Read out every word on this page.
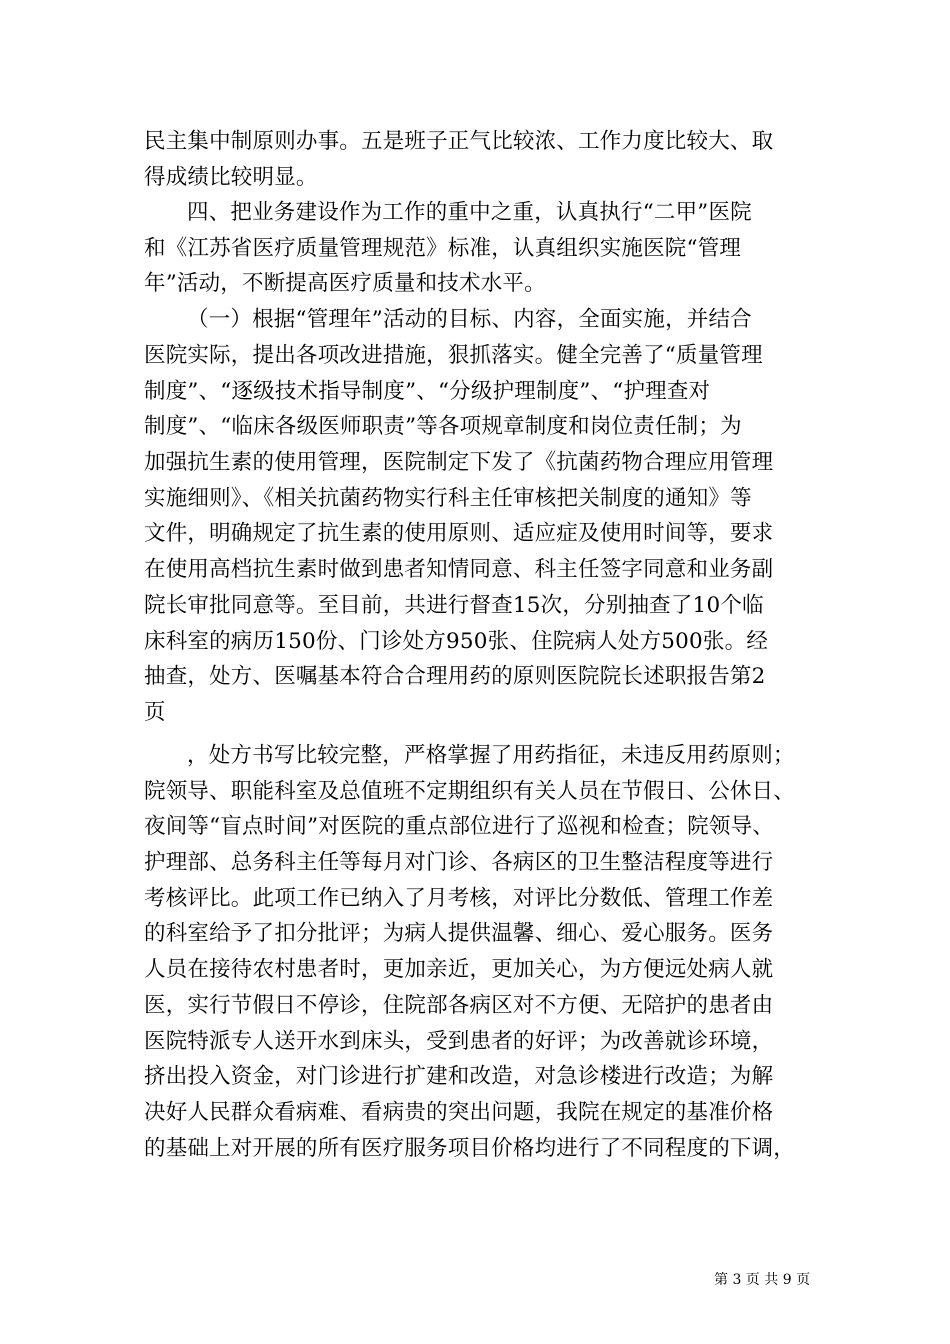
民主集中制原则办事。五是班子正气比较浓、工作力度比较大、取
得成绩比较明显。
四、把业务建设作为工作的重中之重，认真执行“二甲”医院
和《江苏省医疗质量管理规范》标准，认真组织实施医院“管理
年”活动，不断提高医疗质量和技术水平。
（一）根据“管理年”活动的目标、内容，全面实施，并结合
医院实际，提出各项改进措施，狠抓落实。健全完善了“质量管理
制度”、“逐级技术指导制度”、“分级护理制度”、“护理查对
制度”、“临床各级医师职责”等各项规章制度和岗位责任制；为
加强抗生素的使用管理，医院制定下发了《抗菌药物合理应用管理
实施细则》、《相关抗菌药物实行科主任审核把关制度的通知》等
文件，明确规定了抗生素的使用原则、适应症及使用时间等，要求
在使用高档抗生素时做到患者知情同意、科主任签字同意和业务副
院长审批同意等。至目前，共进行督查15次，分别抽查了10个临
床科室的病历150份、门诊处方950张、住院病人处方500张。经
抽查，处方、医嘱基本符合合理用药的原则医院院长述职报告第2
页
，处方书写比较完整，严格掌握了用药指征，未违反用药原则；
院领导、职能科室及总值班不定期组织有关人员在节假日、公休日、
夜间等“盲点时间”对医院的重点部位进行了巡视和检查；院领导、
护理部、总务科主任等每月对门诊、各病区的卫生整洁程度等进行
考核评比。此项工作已纳入了月考核，对评比分数低、管理工作差
的科室给予了扣分批评；为病人提供温馨、细心、爱心服务。医务
人员在接待农村患者时，更加亲近，更加关心，为方便远处病人就
医，实行节假日不停诊，住院部各病区对不方便、无陪护的患者由
医院特派专人送开水到床头，受到患者的好评；为改善就诊环境，
挤出投入资金，对门诊进行扩建和改造，对急诊楼进行改造；为解
决好人民群众看病难、看病贵的突出问题，我院在规定的基准价格
的基础上对开展的所有医疗服务项目价格均进行了不同程度的下调，
第 3 页 共 9 页
